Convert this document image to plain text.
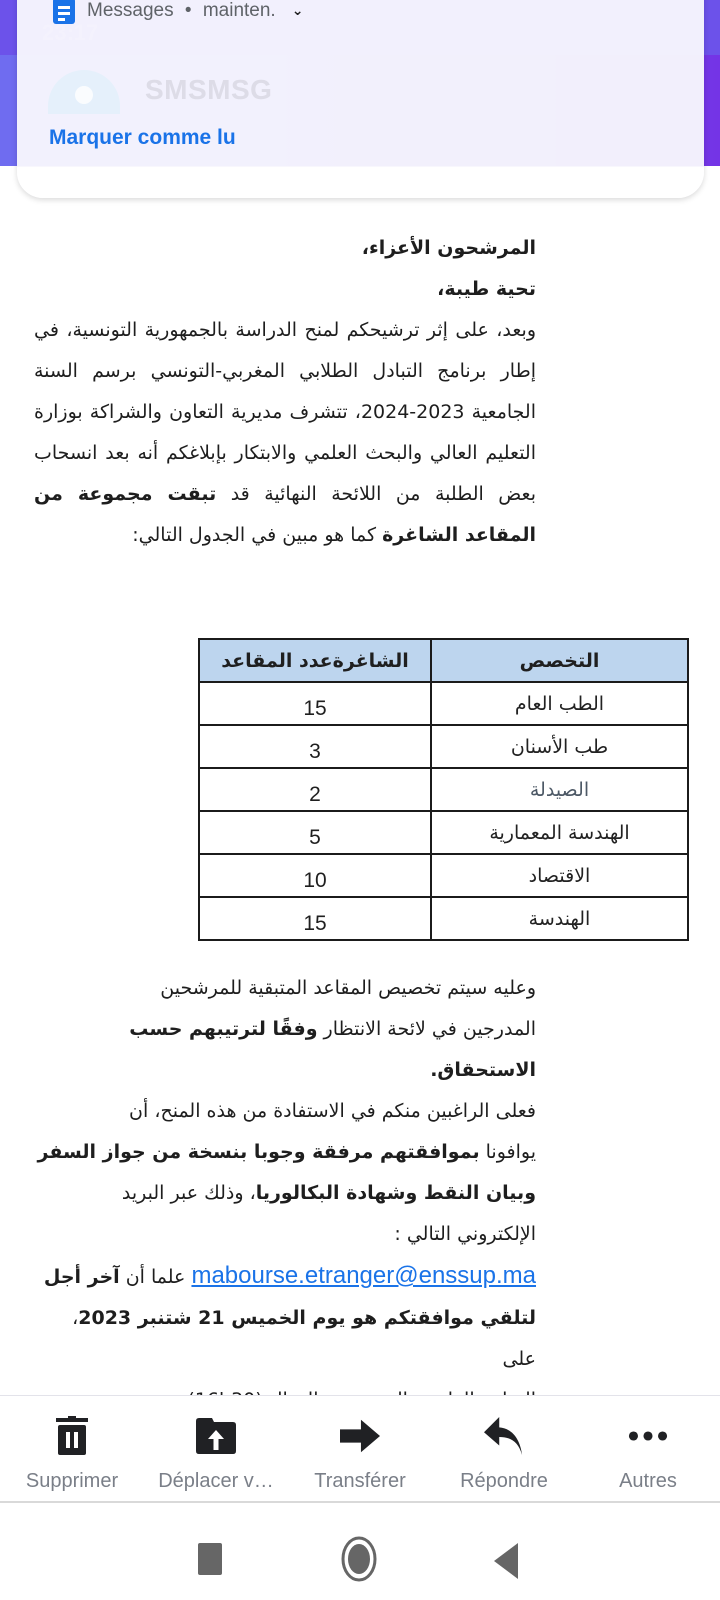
Messages • mainten. ⌄
SMSMSG
Marquer comme lu

المرشحون الأعزاء،

تحية طيبة،

وبعد، على إثر ترشيحكم لمنح الدراسة بالجمهورية التونسية، في إطار برنامج التبادل الطلابي المغربي-التونسي برسم السنة الجامعية 2023-2024، تتشرف مديرية التعاون والشراكة بوزارة التعليم العالي والبحث العلمي والابتكار بإبلاغكم أنه بعد انسحاب بعض الطلبة من اللائحة النهائية قد تبقت مجموعة من المقاعد الشاغرة كما هو مبين في الجدول التالي:

التخصص	الشاغرةعدد المقاعد
الطب العام	15
طب الأسنان	3
الصيدلة	2
الهندسة المعمارية	5
الاقتصاد	10
الهندسة	15
وعليه سيتم تخصيص المقاعد المتبقية للمرشحين
المدرجين في لائحة الانتظار وفقًا لترتيبهم حسب
الاستحقاق.
فعلى الراغبين منكم في الاستفادة من هذه المنح، أن
يوافونا بموافقتهم مرفقة وجوبا بنسخة من جواز السفر
وبيان النقط وشهادة البكالوريا، وذلك عبر البريد
الإلكتروني التالي :
mabourse.etranger@enssup.ma علما أن آخر أجل
لتلقي موافقتكم هو يوم الخميس 21 شتنبر 2023، على
Supprimer Déplacer v… Transférer	Répondre	Autres
